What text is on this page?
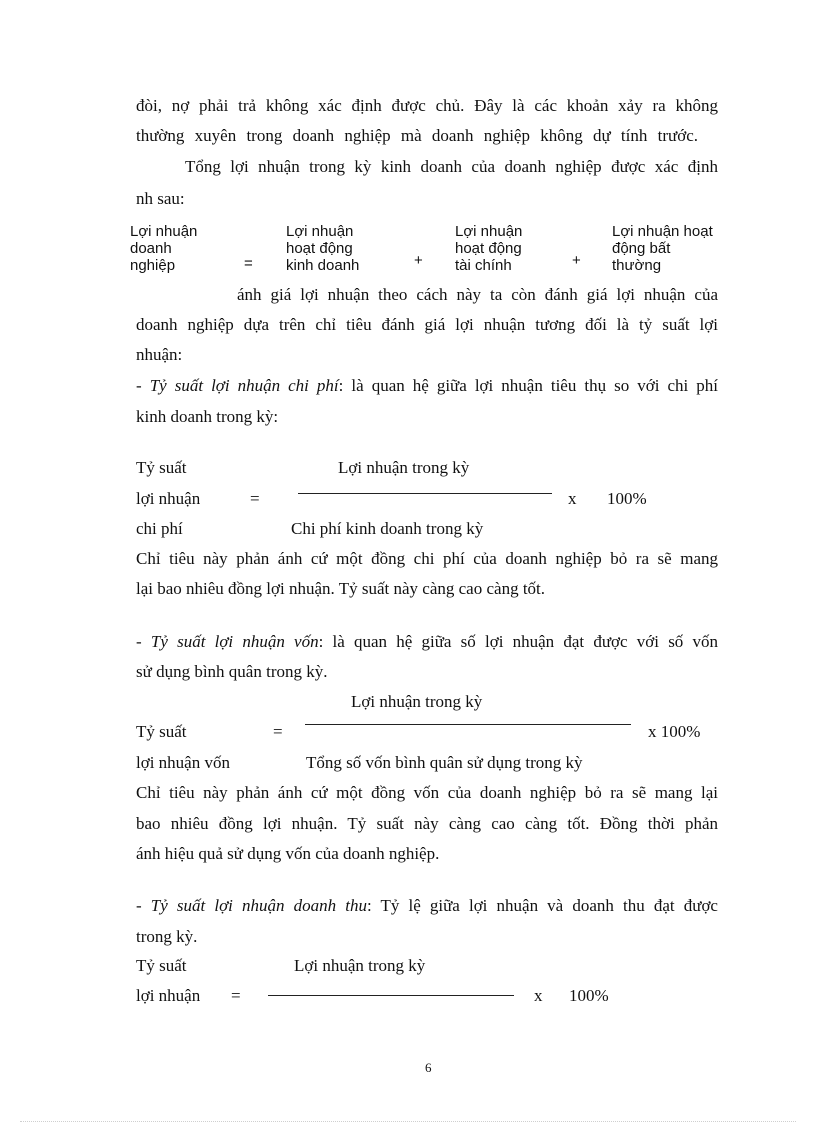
đòi, nợ phải trả không xác định được chủ. Đây là các khoản xảy ra không
thường xuyên trong doanh nghiệp mà doanh nghiệp không dự tính trước.
Tổng lợi nhuận trong kỳ kinh doanh của doanh nghiệp được xác định
nh sau:
Lợi nhuận
doanh
nghiệp	=
Lợi nhuận
hoạt động
kinh doanh	+
Lợi nhuận
hoạt động
tài chính	+
Lợi nhuận hoạt
động bất
thường
ánh giá lợi nhuận theo cách này ta còn đánh giá lợi nhuận của
doanh nghiệp dựa trên chỉ tiêu đánh giá lợi nhuận tương đối là tỷ suất lợi
nhuận:
- Tỷ suất lợi nhuận chi phí: là quan hệ giữa lợi nhuận tiêu thụ so với chi phí
kinh doanh trong kỳ:
Tỷ suất	Lợi nhuận trong kỳ
lợi nhuận	=	x 100%
chi phí	Chi phí kinh doanh trong kỳ
Chỉ tiêu này phản ánh cứ một đồng chi phí của doanh nghiệp bỏ ra sẽ mang
lại bao nhiêu đồng lợi nhuận. Tỷ suất này càng cao càng tốt.
- Tỷ suất lợi nhuận vốn: là quan hệ giữa số lợi nhuận đạt được với số vốn
sử dụng bình quân trong kỳ.
Lợi nhuận trong kỳ
Tỷ suất	=	x 100%
lợi nhuận vốn	Tổng số vốn bình quân sử dụng trong kỳ
Chỉ tiêu này phản ánh cứ một đồng vốn của doanh nghiệp bỏ ra sẽ mang lại
bao nhiêu đồng lợi nhuận. Tỷ suất này càng cao càng tốt. Đồng thời phản
ánh hiệu quả sử dụng vốn của doanh nghiệp.
- Tỷ suất lợi nhuận doanh thu: Tỷ lệ giữa lợi nhuận và doanh thu đạt được
trong kỳ.
Tỷ suất	Lợi nhuận trong kỳ
lợi nhuận =	x 100%
6
